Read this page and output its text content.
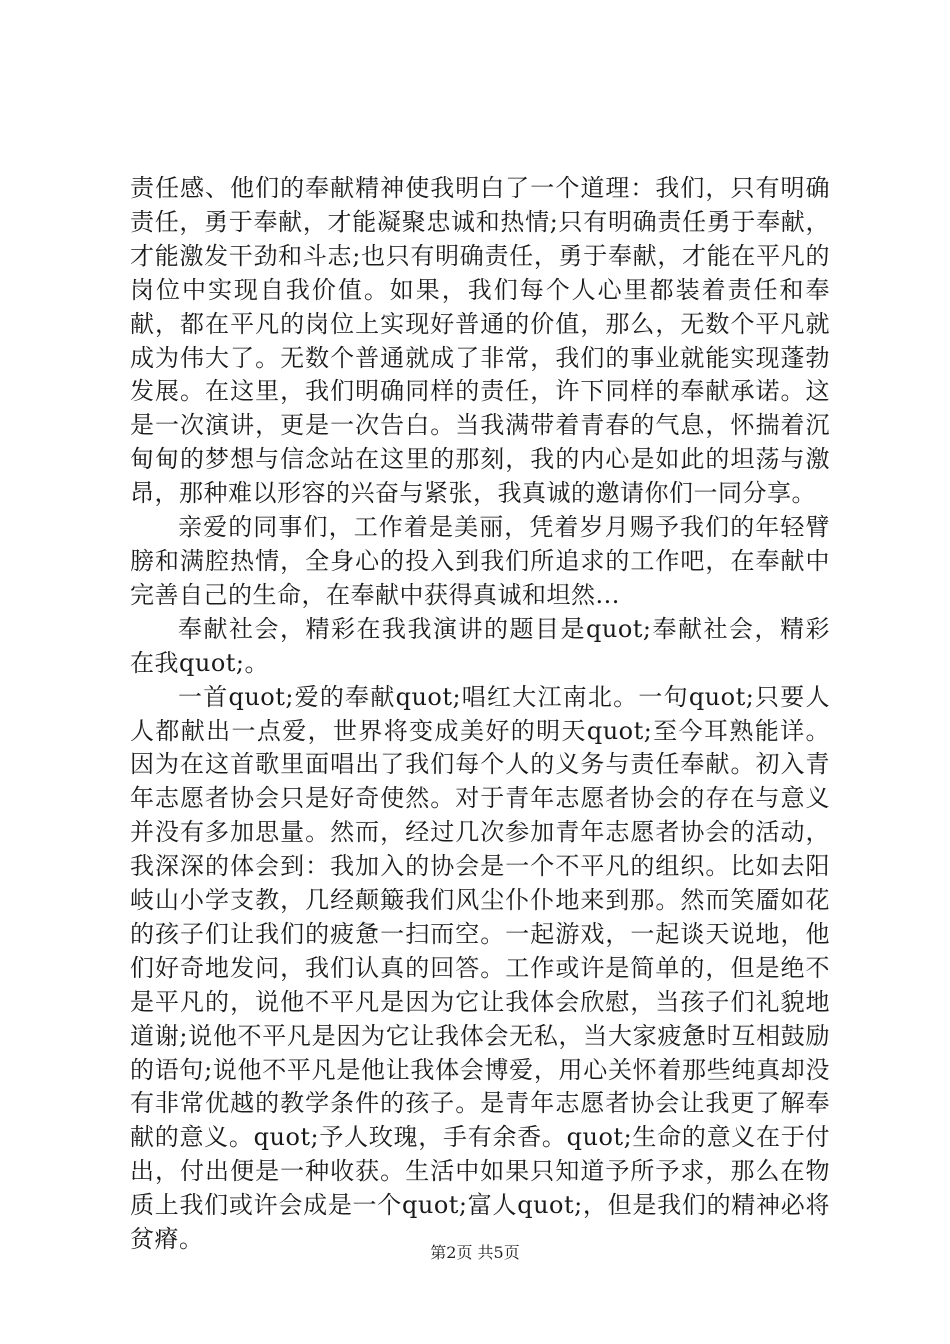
责任感、他们的奉献精神使我明白了一个道理：我们，只有明确责任，勇于奉献，才能凝聚忠诚和热情;只有明确责任勇于奉献，才能激发干劲和斗志;也只有明确责任，勇于奉献，才能在平凡的岗位中实现自我价值。如果，我们每个人心里都装着责任和奉献，都在平凡的岗位上实现好普通的价值，那么，无数个平凡就成为伟大了。无数个普通就成了非常，我们的事业就能实现蓬勃发展。在这里，我们明确同样的责任，许下同样的奉献承诺。这是一次演讲，更是一次告白。当我满带着青春的气息，怀揣着沉甸甸的梦想与信念站在这里的那刻，我的内心是如此的坦荡与激昂，那种难以形容的兴奋与紧张，我真诚的邀请你们一同分享。

亲爱的同事们，工作着是美丽，凭着岁月赐予我们的年轻臂膀和满腔热情，全身心的投入到我们所追求的工作吧，在奉献中完善自己的生命，在奉献中获得真诚和坦然...

奉献社会，精彩在我我演讲的题目是quot;奉献社会，精彩在我quot;。

一首quot;爱的奉献quot;唱红大江南北。一句quot;只要人人都献出一点爱，世界将变成美好的明天quot;至今耳熟能详。因为在这首歌里面唱出了我们每个人的义务与责任奉献。初入青年志愿者协会只是好奇使然。对于青年志愿者协会的存在与意义并没有多加思量。然而，经过几次参加青年志愿者协会的活动，我深深的体会到：我加入的协会是一个不平凡的组织。比如去阳岐山小学支教，几经颠簸我们风尘仆仆地来到那。然而笑靥如花的孩子们让我们的疲惫一扫而空。一起游戏，一起谈天说地，他们好奇地发问，我们认真的回答。工作或许是简单的，但是绝不是平凡的，说他不平凡是因为它让我体会欣慰，当孩子们礼貌地道谢;说他不平凡是因为它让我体会无私，当大家疲惫时互相鼓励的语句;说他不平凡是他让我体会博爱，用心关怀着那些纯真却没有非常优越的教学条件的孩子。是青年志愿者协会让我更了解奉献的意义。quot;予人玫瑰，手有余香。quot;生命的意义在于付出，付出便是一种收获。生活中如果只知道予所予求，那么在物质上我们或许会成是一个quot;富人quot;，但是我们的精神必将贫瘠。	第2页 共5页
